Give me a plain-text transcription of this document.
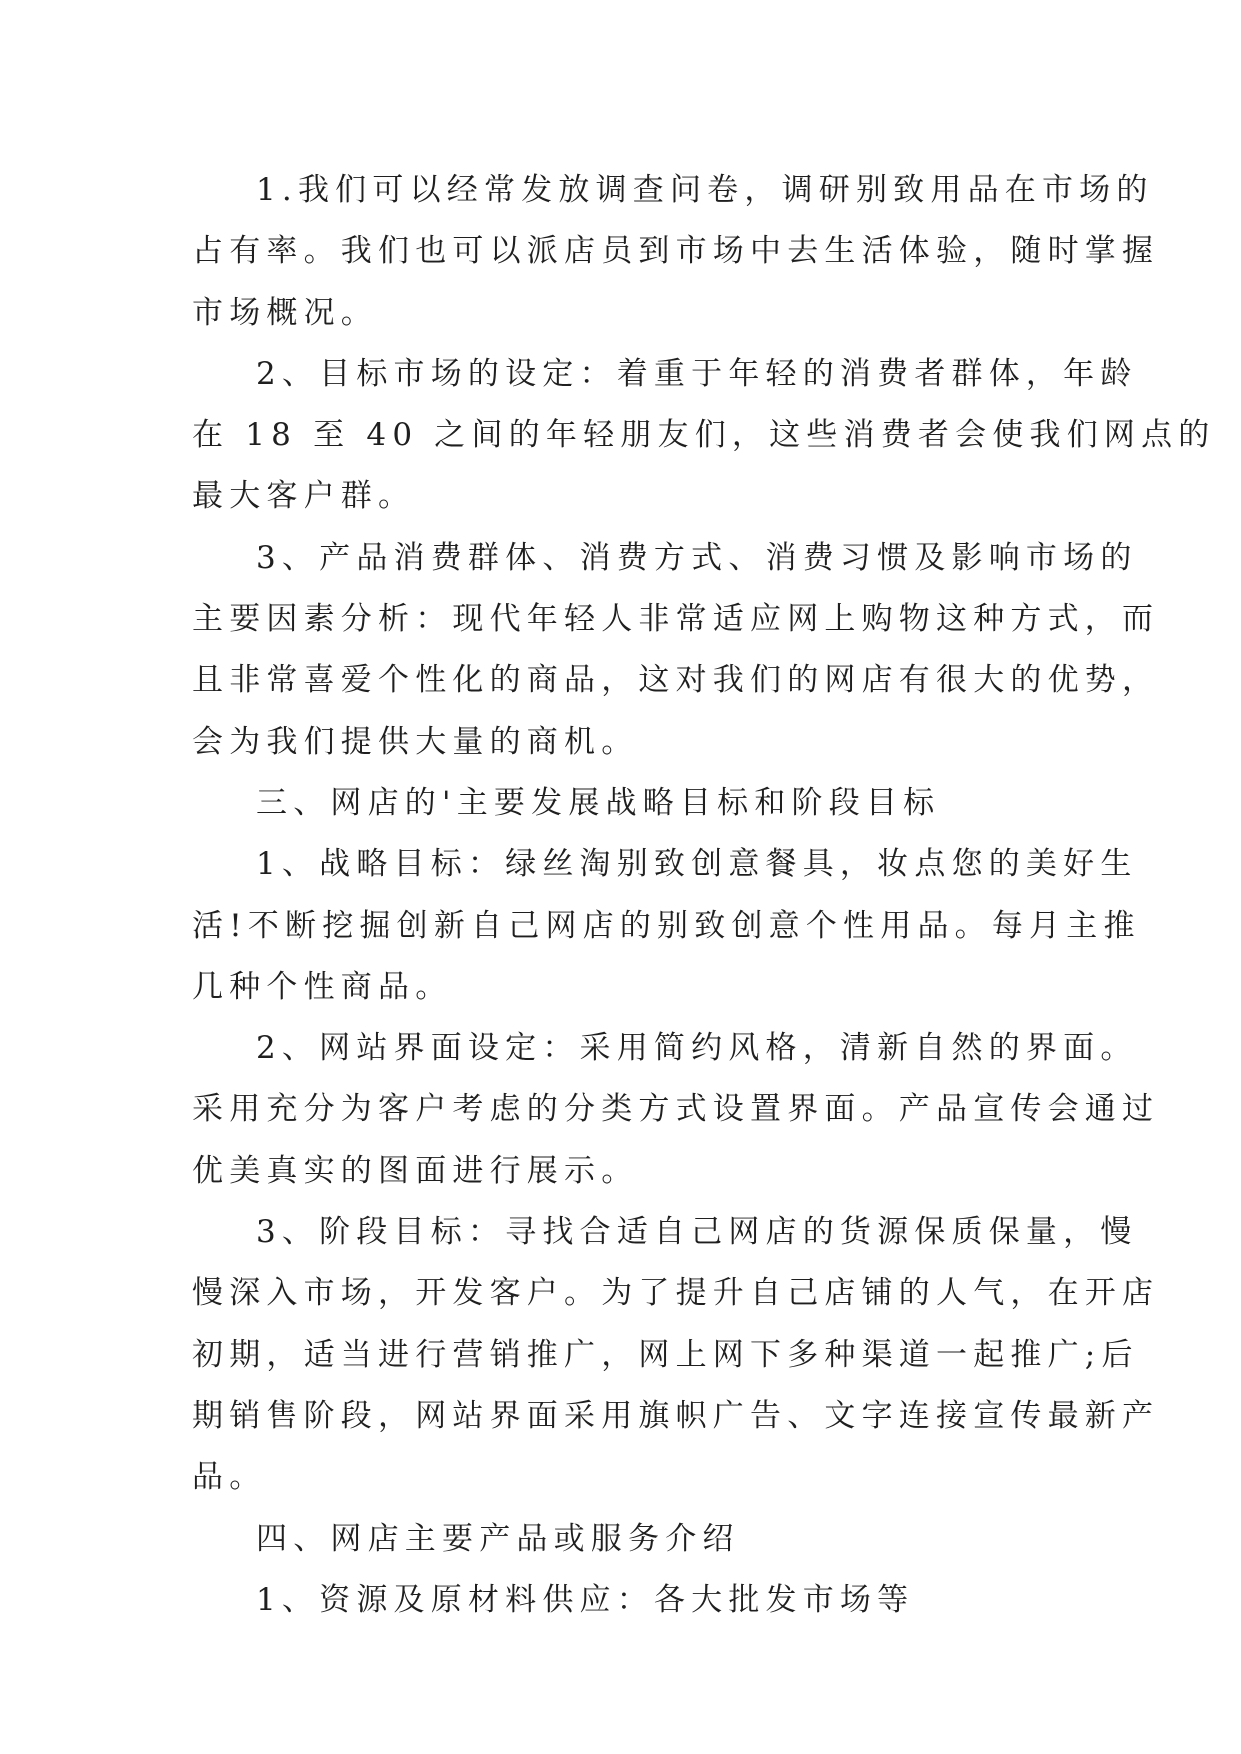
1.我们可以经常发放调查问卷，调研别致用品在市场的
占有率。我们也可以派店员到市场中去生活体验，随时掌握
市场概况。
2、目标市场的设定：着重于年轻的消费者群体，年龄
在 18 至 40 之间的年轻朋友们，这些消费者会使我们网点的
最大客户群。
3、产品消费群体、消费方式、消费习惯及影响市场的
主要因素分析：现代年轻人非常适应网上购物这种方式，而
且非常喜爱个性化的商品，这对我们的网店有很大的优势，
会为我们提供大量的商机。
三、网店的'主要发展战略目标和阶段目标
1、战略目标：绿丝淘别致创意餐具，妆点您的美好生
活!不断挖掘创新自己网店的别致创意个性用品。每月主推
几种个性商品。
2、网站界面设定：采用简约风格，清新自然的界面。
采用充分为客户考虑的分类方式设置界面。产品宣传会通过
优美真实的图面进行展示。
3、阶段目标：寻找合适自己网店的货源保质保量，慢
慢深入市场，开发客户。为了提升自己店铺的人气，在开店
初期，适当进行营销推广，网上网下多种渠道一起推广;后
期销售阶段，网站界面采用旗帜广告、文字连接宣传最新产
品。
四、网店主要产品或服务介绍
1、资源及原材料供应：各大批发市场等
